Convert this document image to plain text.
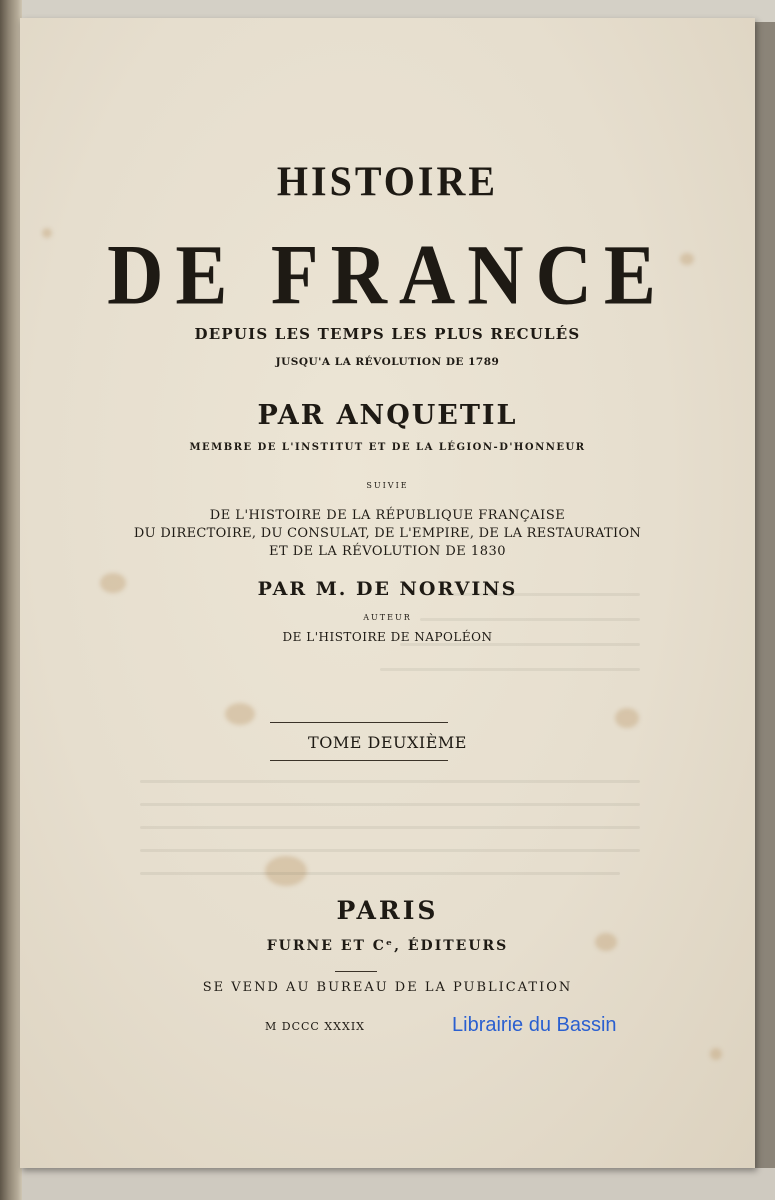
HISTOIRE
DE FRANCE
DEPUIS LES TEMPS LES PLUS RECULÉS
JUSQU'A LA RÉVOLUTION DE 1789
PAR ANQUETIL
MEMBRE DE L'INSTITUT ET DE LA LÉGION-D'HONNEUR
SUIVIE
DE L'HISTOIRE DE LA RÉPUBLIQUE FRANÇAISE
DU DIRECTOIRE, DU CONSULAT, DE L'EMPIRE, DE LA RESTAURATION
ET DE LA RÉVOLUTION DE 1830
PAR M. DE NORVINS
AUTEUR
DE L'HISTOIRE DE NAPOLÉON
TOME DEUXIÈME
PARIS
FURNE ET Cᵉ, ÉDITEURS
SE VEND AU BUREAU DE LA PUBLICATION
M DCCC XXXIX	Librairie du Bassin
